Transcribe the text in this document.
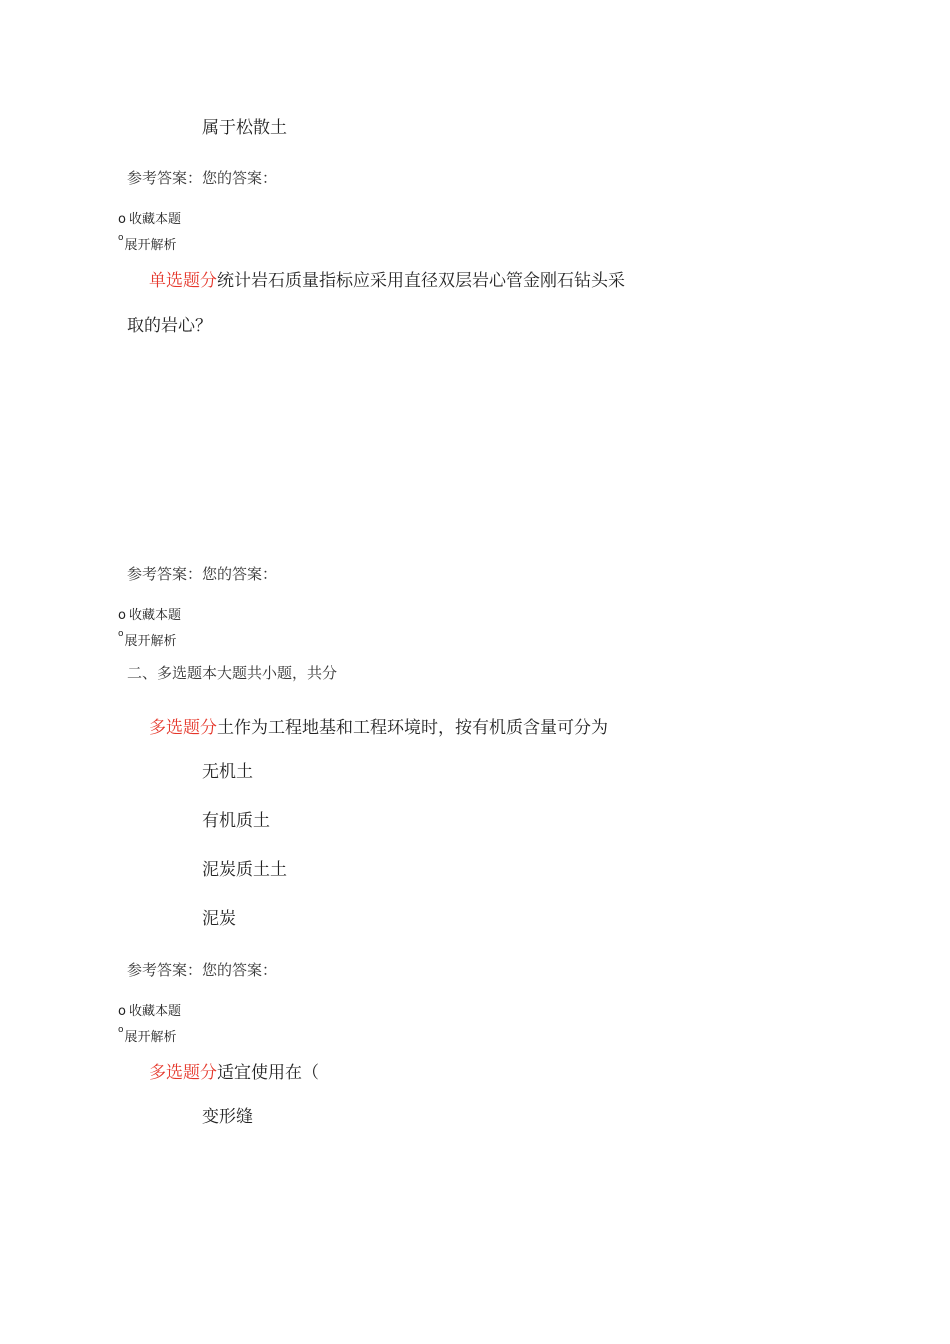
属于松散土
参考答案：您的答案：
o 收藏本题
$^o$展开解析
单选题分统计岩石质量指标应采用直径双层岩心管金刚石钻头采
取的岩心？
参考答案：您的答案：
o 收藏本题
$^o$展开解析
二、多选题本大题共小题，共分
多选题分土作为工程地基和工程环境时，按有机质含量可分为
无机土
有机质土
泥炭质土土
泥炭
参考答案：您的答案：
o 收藏本题
$^o$展开解析
多选题分适宜使用在（
变形缝
